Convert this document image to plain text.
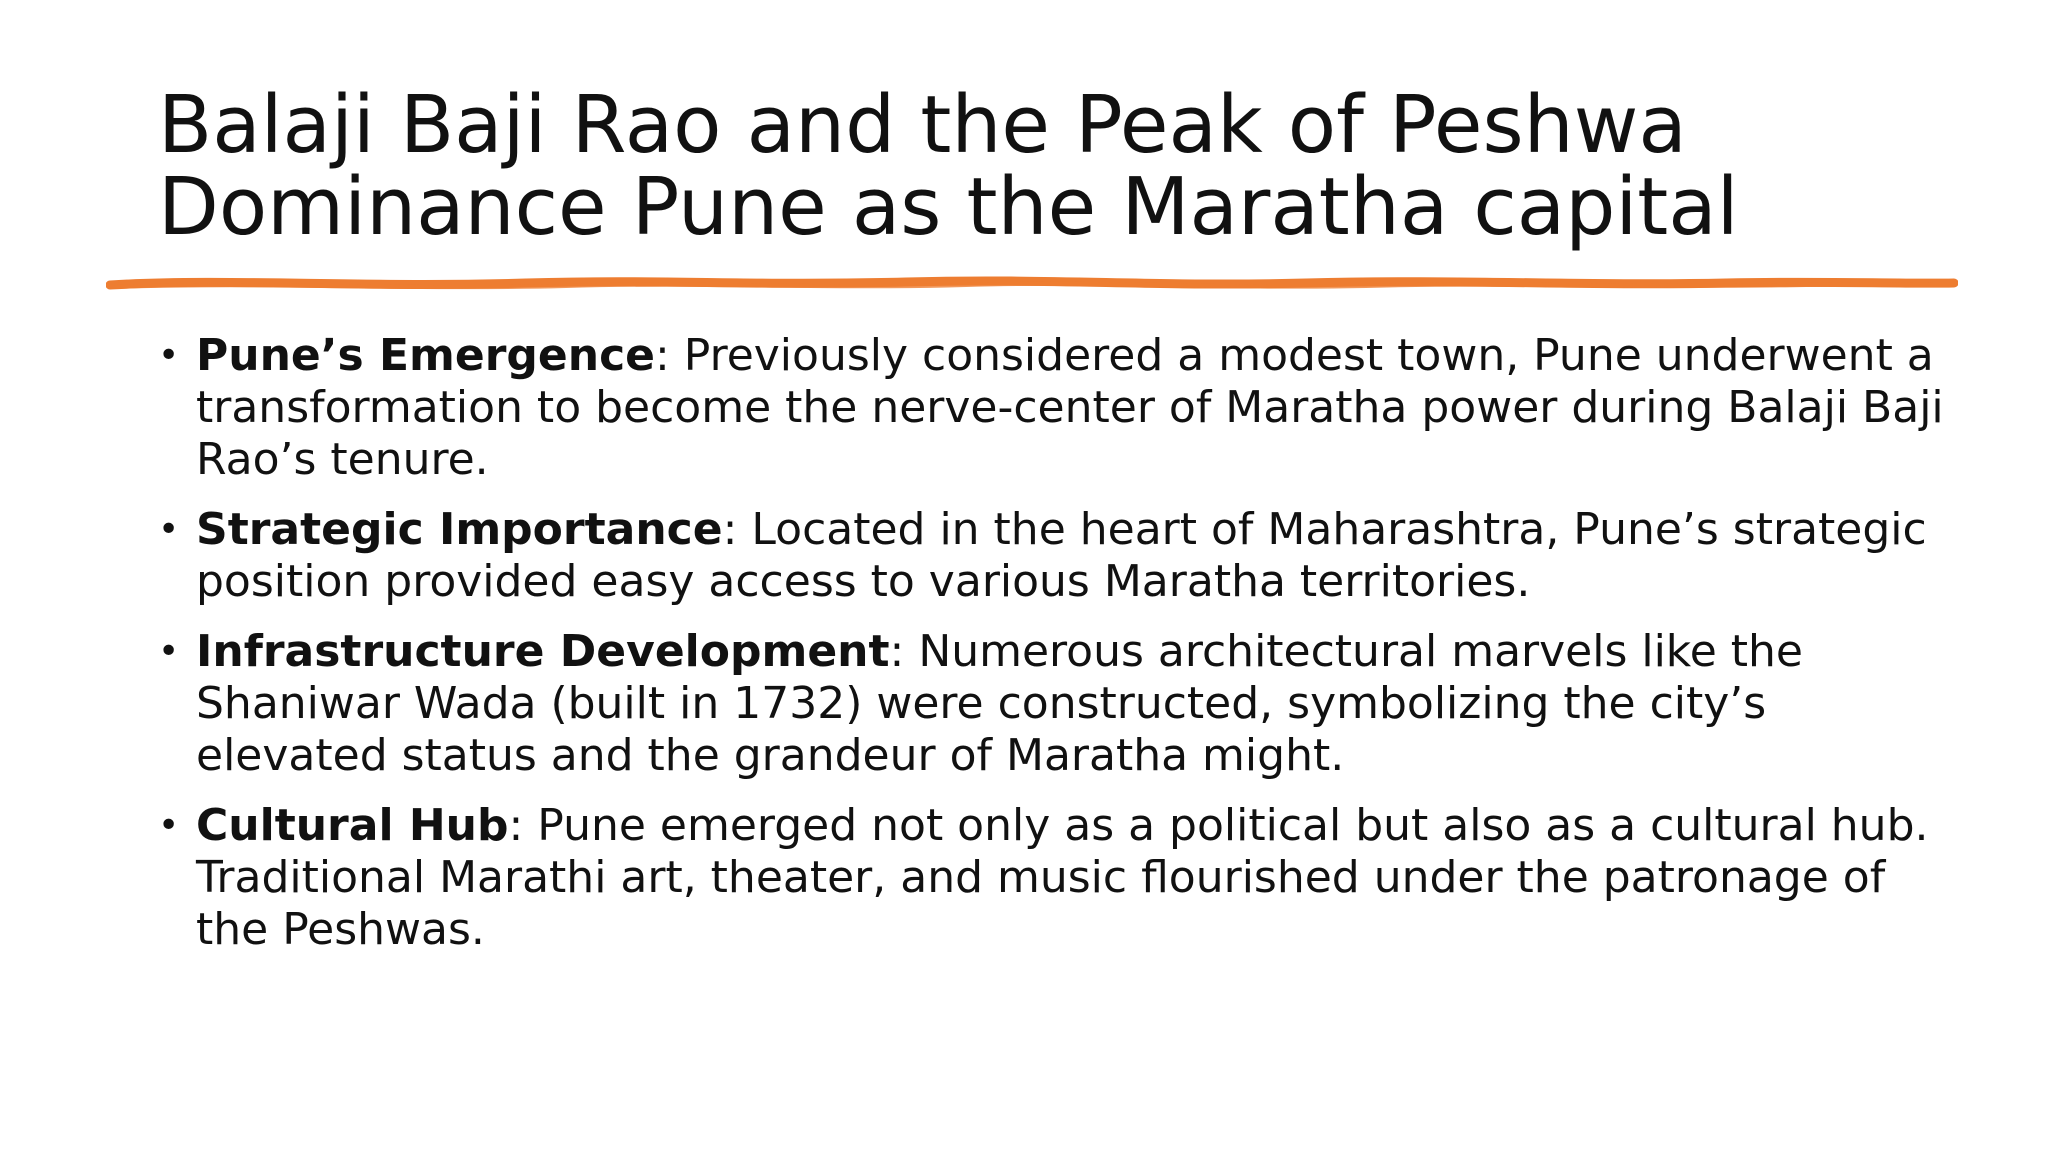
Balaji Baji Rao and the Peak of Peshwa
Dominance Pune as the Maratha capital
• Pune’s Emergence: Previously considered a modest town, Pune underwent a transformation to become the nerve-center of Maratha power during Balaji Baji Rao’s tenure.
• Strategic Importance: Located in the heart of Maharashtra, Pune’s strategic position provided easy access to various Maratha territories.
• Infrastructure Development: Numerous architectural marvels like the Shaniwar Wada (built in 1732) were constructed, symbolizing the city’s elevated status and the grandeur of Maratha might.
• Cultural Hub: Pune emerged not only as a political but also as a cultural hub. Traditional Marathi art, theater, and music flourished under the patronage of the Peshwas.
